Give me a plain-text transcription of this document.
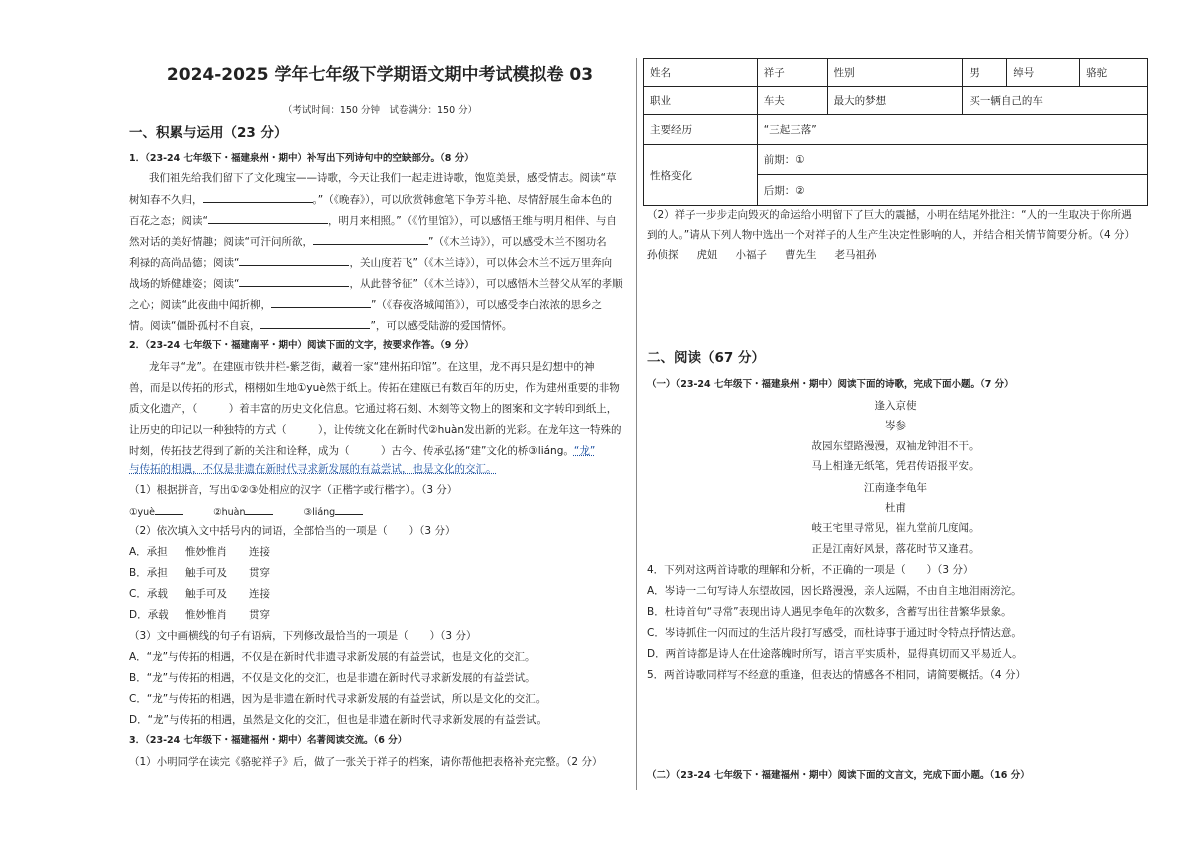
2024-2025 学年七年级下学期语文期中考试模拟卷 03
（考试时间：150 分钟　试卷满分：150 分）
一、积累与运用（23 分）
1．（23-24 七年级下・福建泉州・期中）补写出下列诗句中的空缺部分。（8 分）
我们祖先给我们留下了文化瑰宝——诗歌，今天让我们一起走进诗歌，饱览美景，感受情志。阅读“草
树知春不久归，	。”（《晚春》），可以欣赏韩愈笔下争芳斗艳、尽情舒展生命本色的
百花之态；阅读“	，明月来相照。”（《竹里馆》），可以感悟王维与明月相伴、与自
然对话的美好情趣；阅读“可汗问所欲，	”（《木兰诗》），可以感受木兰不图功名
利禄的高尚品德；阅读“	，关山度若飞”（《木兰诗》），可以体会木兰不远万里奔向
战场的矫健雄姿；阅读“	，从此替爷征”（《木兰诗》），可以感悟木兰替父从军的孝顺
之心；阅读“此夜曲中闻折柳，	”（《春夜洛城闻笛》），可以感受李白浓浓的思乡之
情。阅读“僵卧孤村不自哀，	”，可以感受陆游的爱国情怀。
2．（23-24 七年级下・福建南平・期中）阅读下面的文字，按要求作答。（9 分）
龙年寻“龙”。在建瓯市铁井栏-紫芝街，藏着一家“建州拓印馆”。在这里，龙不再只是幻想中的神
兽，而是以传拓的形式，栩栩如生地①yuè然于纸上。传拓在建瓯已有数百年的历史，作为建州重要的非物
质文化遗产，（　　　）着丰富的历史文化信息。它通过将石刻、木刻等文物上的图案和文字转印到纸上，
让历史的印记以一种独特的方式（　　　），让传统文化在新时代②huàn发出新的光彩。在龙年这一特殊的
时刻，传拓技艺得到了新的关注和诠释，成为（　　　）古今、传承弘扬“建”文化的桥③liáng。“龙”
与传拓的相遇，不仅是非遗在新时代寻求新发展的有益尝试，也是文化的交汇。
（1）根据拼音，写出①②③处相应的汉字（正楷字或行楷字）。（3 分）
①yuè	②huàn	③liáng
（2）依次填入文中括号内的词语，全部恰当的一项是（　　）（3 分）
A．承担 惟妙惟肖 连接
B．承担 触手可及 贯穿
C．承载 触手可及 连接
D．承载 惟妙惟肖 贯穿
（3）文中画横线的句子有语病，下列修改最恰当的一项是（　　）（3 分）
A．“龙”与传拓的相遇，不仅是在新时代非遗寻求新发展的有益尝试，也是文化的交汇。
B．“龙”与传拓的相遇，不仅是文化的交汇，也是非遗在新时代寻求新发展的有益尝试。
C．“龙”与传拓的相遇，因为是非遗在新时代寻求新发展的有益尝试，所以是文化的交汇。
D．“龙”与传拓的相遇，虽然是文化的交汇，但也是非遗在新时代寻求新发展的有益尝试。
3．（23-24 七年级下・福建福州・期中）名著阅读交流。（6 分）
（1）小明同学在读完《骆驼祥子》后，做了一张关于祥子的档案，请你帮他把表格补充完整。（2 分）
姓名	祥子	性别	男	绰号	骆驼
职业	车夫	最大的梦想	买一辆自己的车		
主要经历	“三起三落”				
性格变化	前期：①				
	后期：②				
（2）祥子一步步走向毁灭的命运给小明留下了巨大的震撼，小明在结尾外批注：“人的一生取决于你所遇
到的人。”请从下列人物中选出一个对祥子的人生产生决定性影响的人，并结合相关情节简要分析。（4 分）
孙侦探 虎妞 小福子 曹先生 老马祖孙
二、阅读（67 分）
（一）（23-24 七年级下・福建泉州・期中）阅读下面的诗歌，完成下面小题。（7 分）
逢入京使
岑参
故园东望路漫漫，双袖龙钟泪不干。
马上相逢无纸笔，凭君传语报平安。
江南逢李龟年
杜甫
岐王宅里寻常见，崔九堂前几度闻。
正是江南好风景，落花时节又逢君。
4．下列对这两首诗歌的理解和分析，不正确的一项是（　　）（3 分）
A．岑诗一二句写诗人东望故园，因长路漫漫，亲人远隔，不由自主地泪雨滂沱。
B．杜诗首句“寻常”表现出诗人遇见李龟年的次数多，含蓄写出往昔繁华景象。
C．岑诗抓住一闪而过的生活片段打写感受，而杜诗事于通过时令特点抒情达意。
D．两首诗都是诗人在仕途落魄时所写，语言平实质朴，显得真切而又平易近人。
5．两首诗歌同样写不经意的重逢，但表达的情感各不相同，请简要概括。（4 分）
（二）（23-24 七年级下・福建福州・期中）阅读下面的文言文，完成下面小题。（16 分）
